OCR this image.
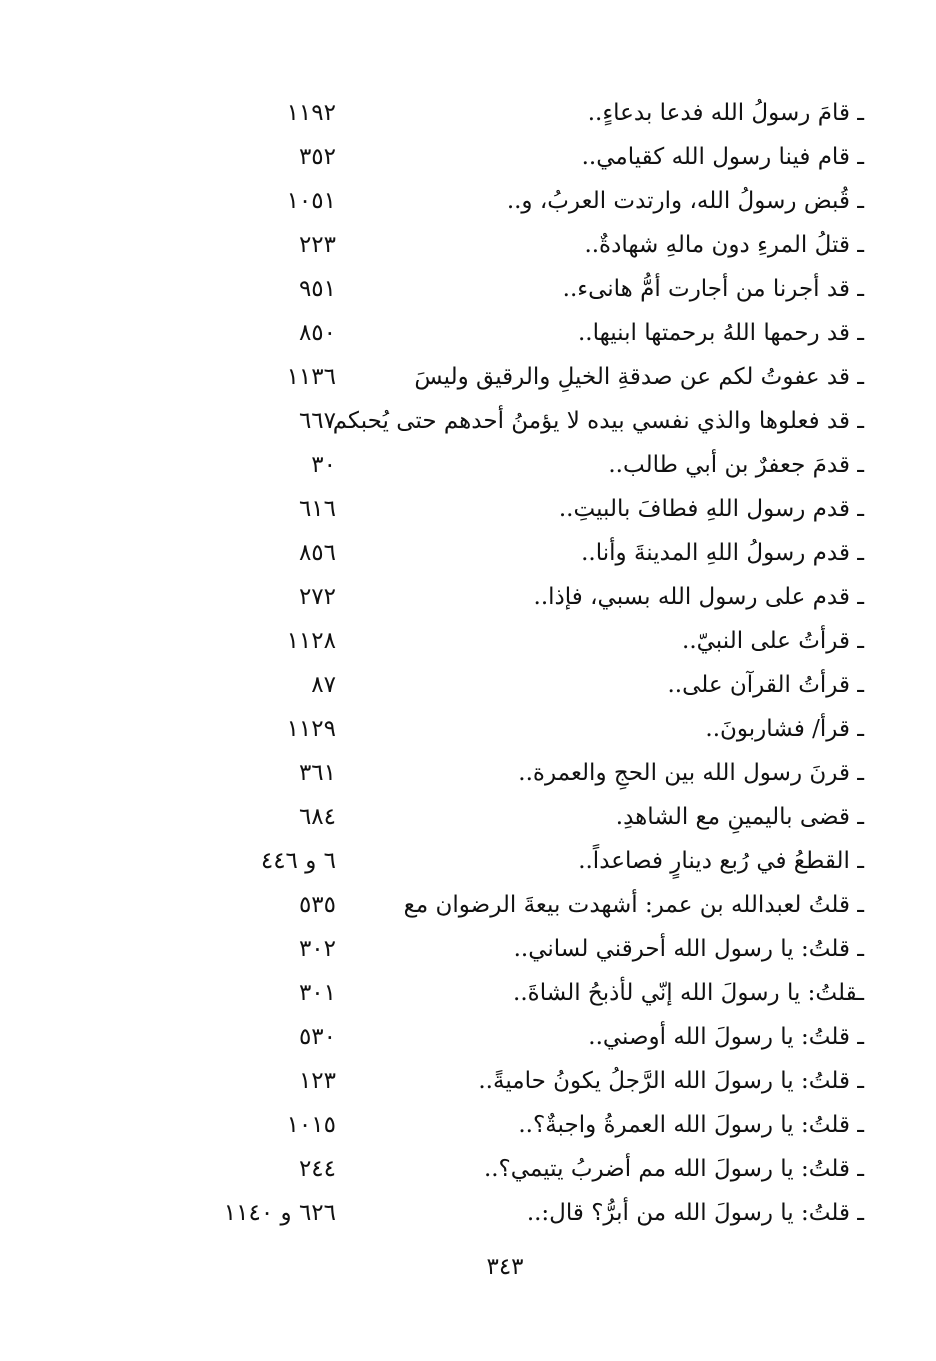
ـ قامَ رسولُ الله فدعا بدعاءٍ..
١١٩٢
ـ قام فينا رسول الله كقيامي..
٣٥٢
ـ قُبض رسولُ الله، وارتدت العربُ، و..
١٠٥١
ـ قتلُ المرءِ دون مالهِ شهادةٌ..
٢٢٣
ـ قد أجرنا من أجارت أمُّ هانىء..
٩٥١
ـ قد رحمها اللهُ برحمتها ابنيها..
٨٥٠
ـ قد عفوتُ لكم عن صدقةِ الخيلِ والرقيق وليسَ
١١٣٦
ـ قد فعلوها والذي نفسي بيده لا يؤمنُ أحدهم حتى يُحبكم
٦٦٧
ـ قدمَ جعفرٌ بن أبي طالب..
٣٠
ـ قدم رسول اللهِ فطافَ بالبيتِ..
٦١٦
ـ قدم رسولُ اللهِ المدينةَ وأنا..
٨٥٦
ـ قدم على رسول الله بسبي، فإذا..
٢٧٢
ـ قرأتُ على النبيّ..
١١٢٨
ـ قرأتُ القرآن على..
٨٧
ـ قرأ/ فشاربونَ..
١١٢٩
ـ قرنَ رسول الله بين الحجِ والعمرة..
٣٦١
ـ قضى باليمينِ مع الشاهدِ.
٦٨٤
ـ القطعُ في رُبع دينارٍ فصاعداً..
٦ و ٤٤٦
ـ قلتُ لعبدالله بن عمر: أشهدت بيعةَ الرضوان مع
٥٣٥
ـ قلتُ: يا رسول الله أحرقني لساني..
٣٠٢
ـقلتُ: يا رسولَ الله إنّي لأذبحُ الشاةَ..
٣٠١
ـ قلتُ: يا رسولَ الله أوصني..
٥٣٠
ـ قلتُ: يا رسولَ الله الرَّجلُ يكونُ حاميةً..
١٢٣
ـ قلتُ: يا رسولَ الله العمرةُ واجبةٌ؟..
١٠١٥
ـ قلتُ: يا رسولَ الله مم أضربُ يتيمي؟..
٢٤٤
ـ قلتُ: يا رسولَ الله من أبرُّ؟ قال:..
٦٢٦ و ١١٤٠
٣٤٣
